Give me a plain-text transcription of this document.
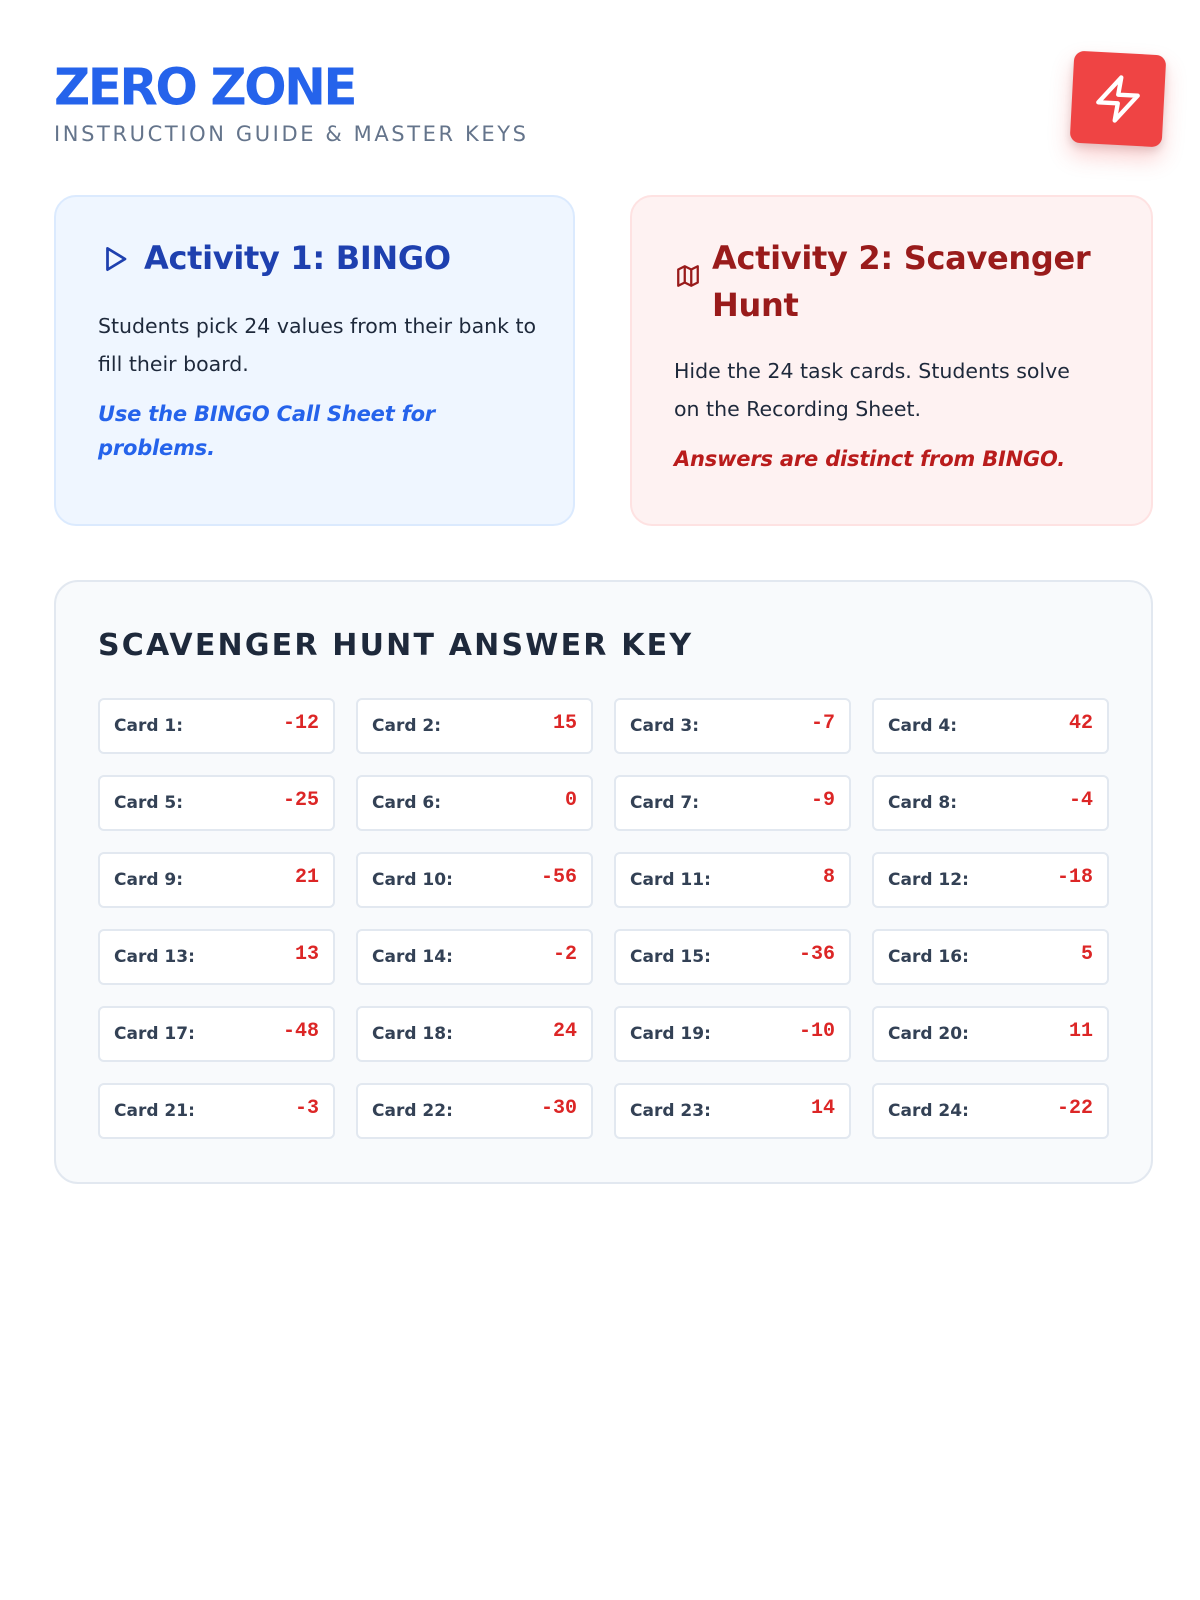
ZERO ZONE
INSTRUCTION GUIDE & MASTER KEYS
Activity 1: BINGO
Students pick 24 values from their bank to fill their board.
Use the BINGO Call Sheet for problems.
Activity 2: Scavenger Hunt
Hide the 24 task cards. Students solve on the Recording Sheet.
Answers are distinct from BINGO.
SCAVENGER HUNT ANSWER KEY
Card 1:	-12	Card 2:	15	Card 3:	-7	Card 4:	42
Card 5:	-25	Card 6:	0	Card 7:	-9	Card 8:	-4
Card 9:	21	Card 10:	-56	Card 11:	8	Card 12:	-18
Card 13:	13	Card 14:	-2	Card 15:	-36	Card 16:	5
Card 17:	-48	Card 18:	24	Card 19:	-10	Card 20:	11
Card 21:	-3	Card 22:	-30	Card 23:	14	Card 24:	-22
